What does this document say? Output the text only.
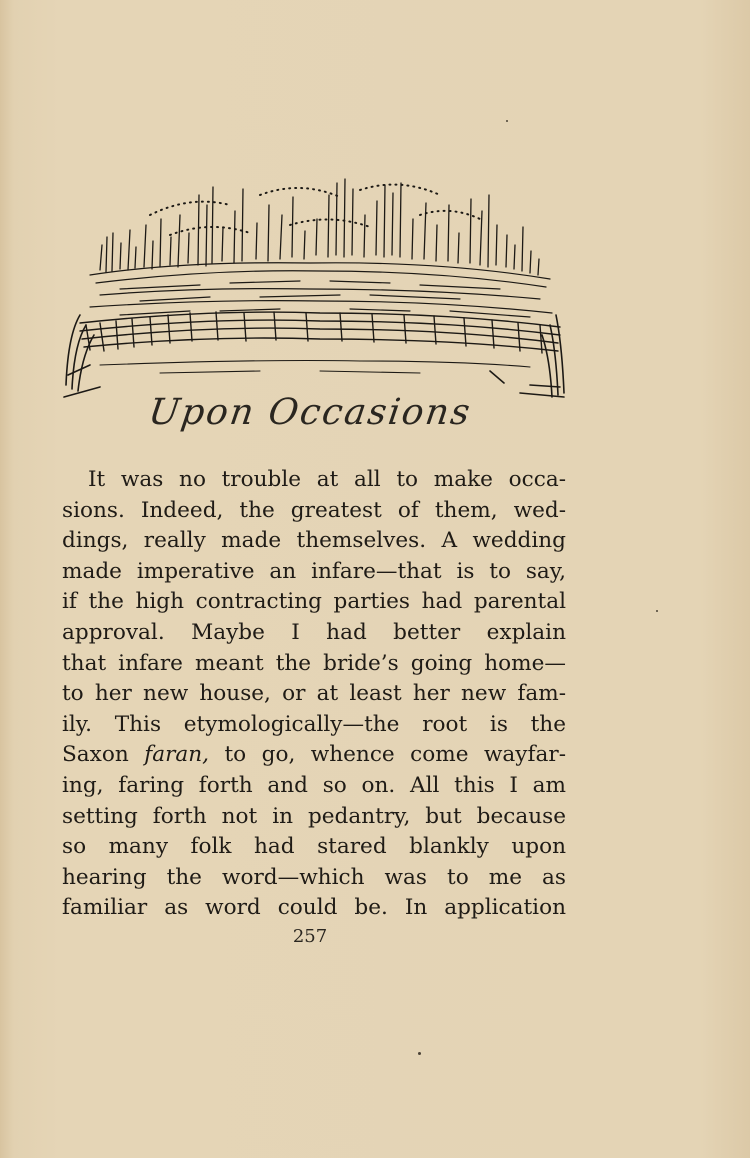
Upon Occasions
It was no trouble at all to make occa-
sions. Indeed, the greatest of them, wed-
dings, really made themselves. A wedding
made imperative an infare—that is to say,
if the high contracting parties had parental
approval. Maybe I had better explain
that infare meant the bride’s going home—
to her new house, or at least her new fam-
ily. This etymologically—the root is the
Saxon faran, to go, whence come wayfar-
ing, faring forth and so on. All this I am
setting forth not in pedantry, but because
so many folk had stared blankly upon
hearing the word—which was to me as
familiar as word could be. In application
257
